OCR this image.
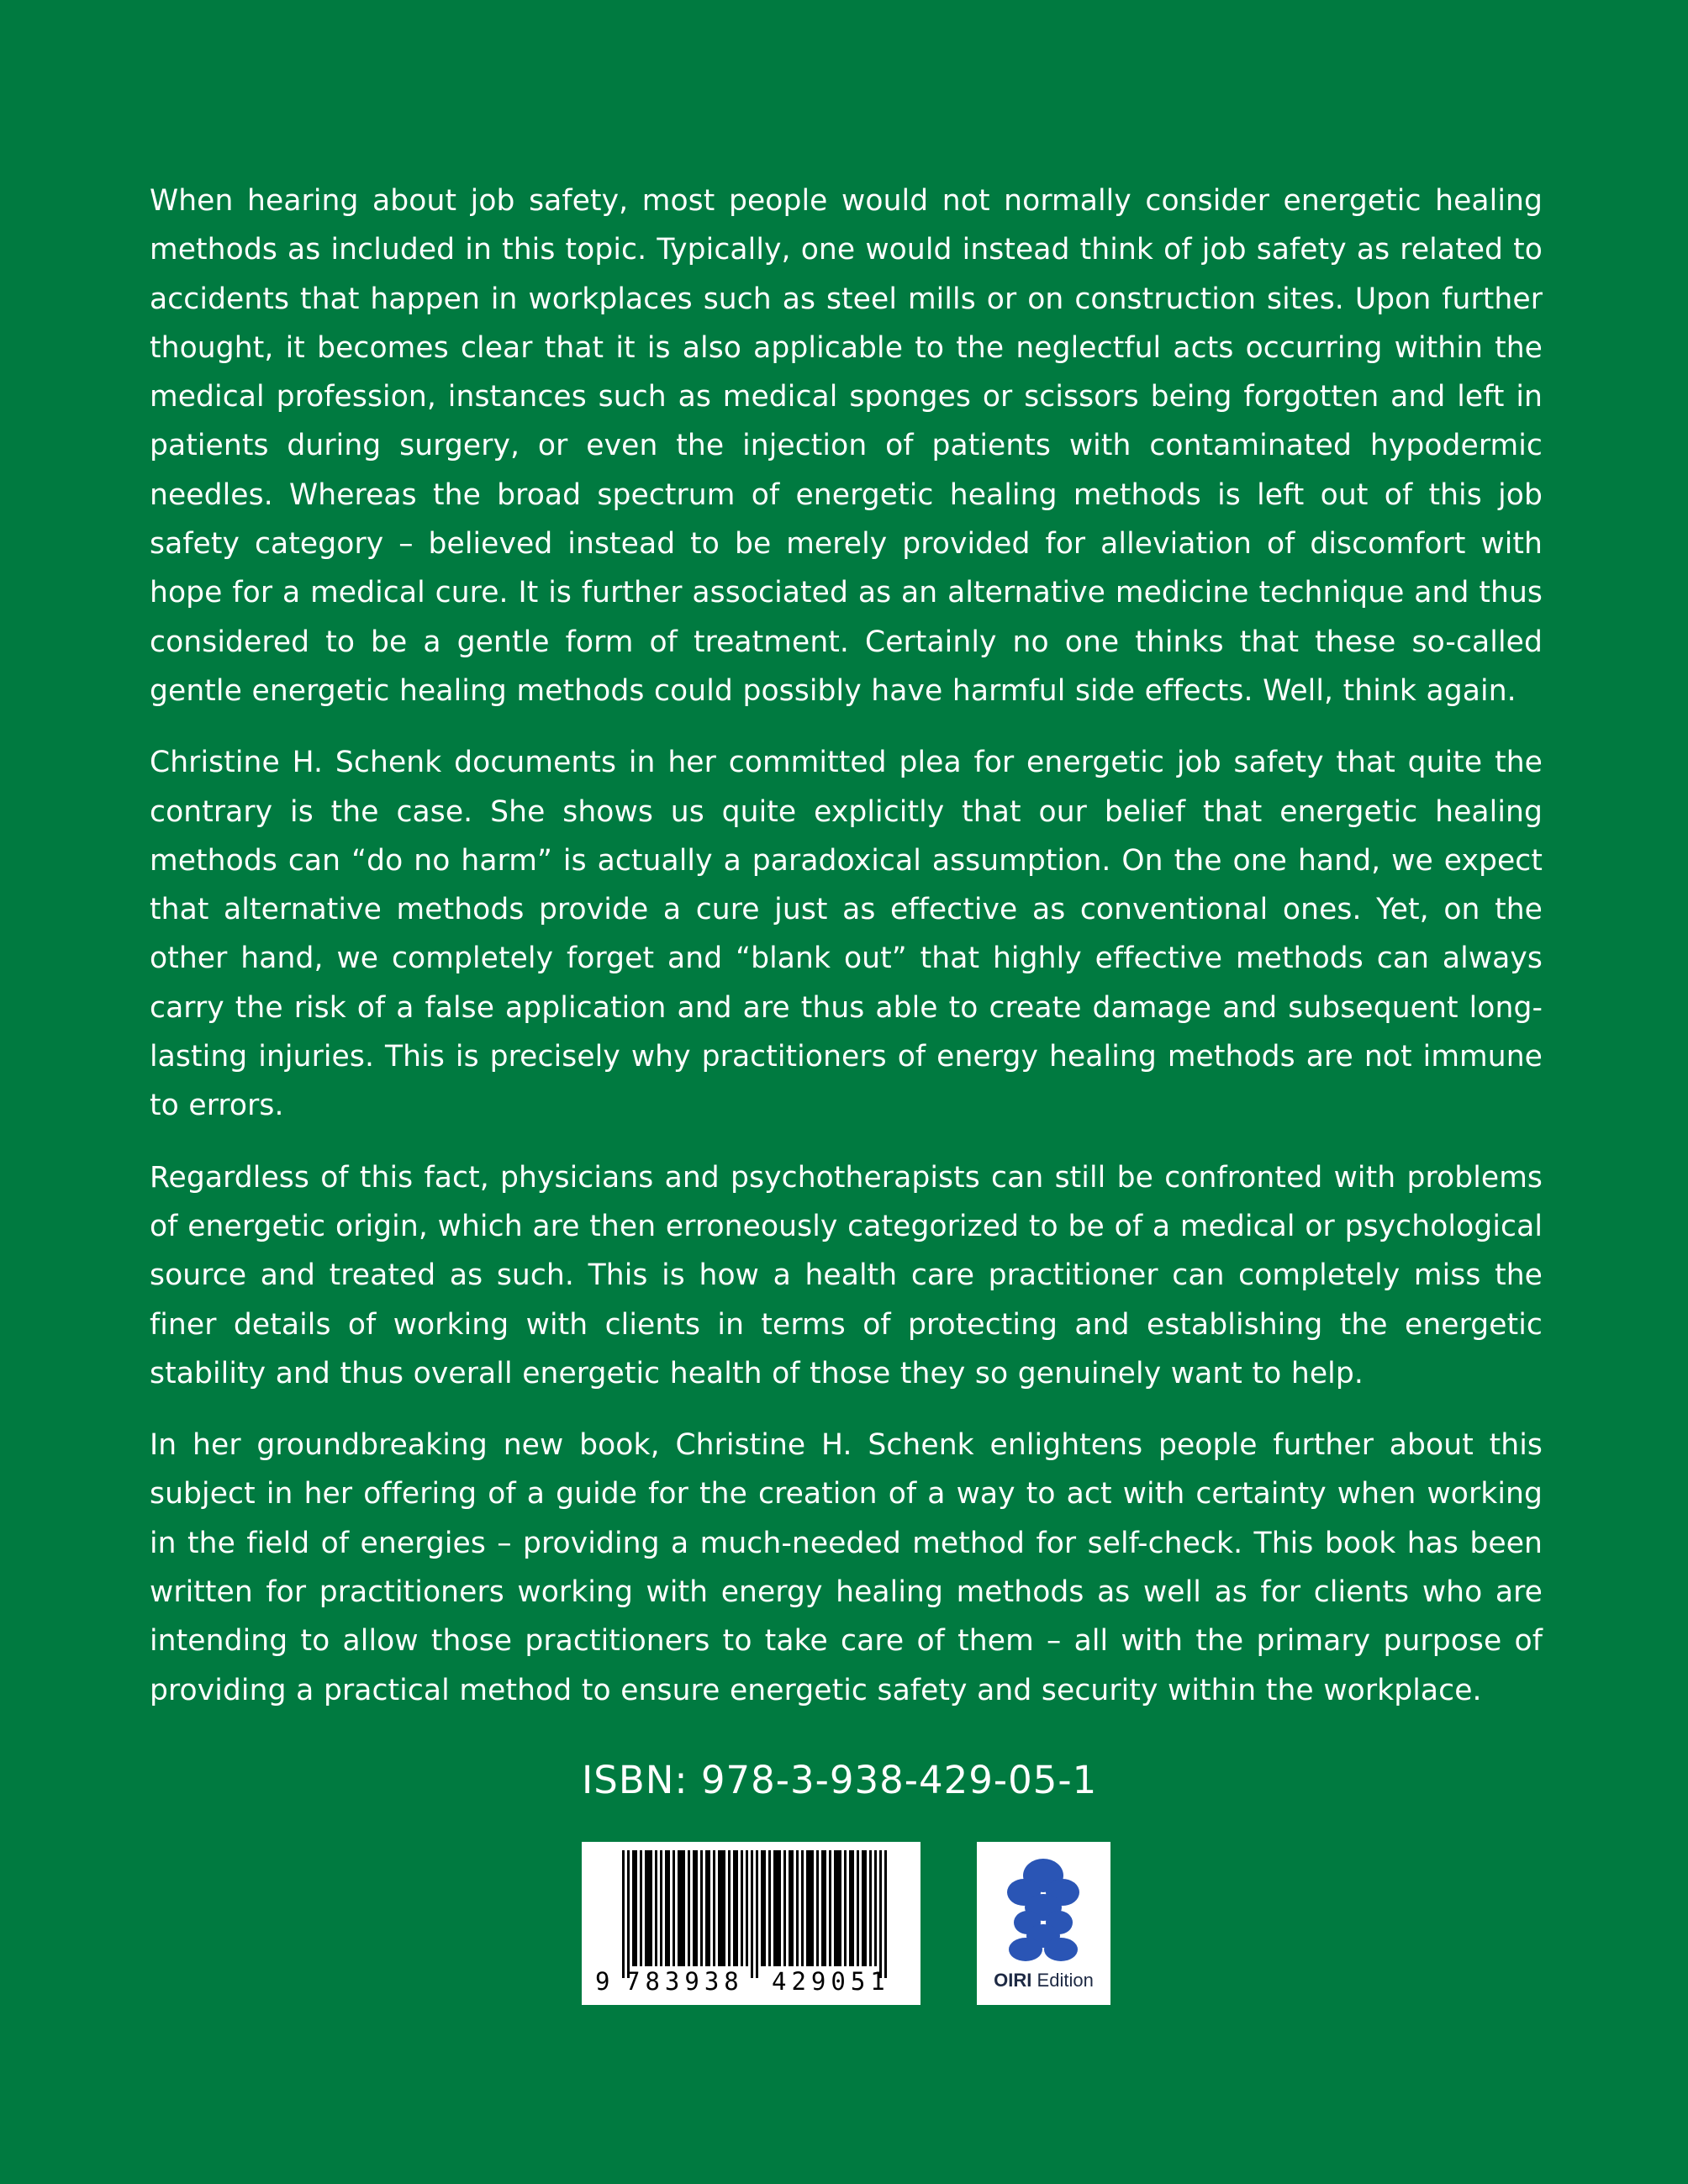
When hearing about job safety, most people would not normally consider energetic healing methods as included in this topic. Typically, one would instead think of job safety as related to accidents that happen in workplaces such as steel mills or on construction sites. Upon further thought, it becomes clear that it is also applicable to the neglectful acts occurring within the medical profession, instances such as medical sponges or scissors being forgotten and left in patients during surgery, or even the injection of patients with contaminated hypodermic needles. Whereas the broad spectrum of energetic healing methods is left out of this job safety category – believed instead to be merely provided for alleviation of discomfort with hope for a medical cure. It is further associated as an alternative medicine technique and thus considered to be a gentle form of treatment. Certainly no one thinks that these so-called gentle energetic healing methods could possibly have harmful side effects. Well, think again.

Christine H. Schenk documents in her committed plea for energetic job safety that quite the contrary is the case. She shows us quite explicitly that our belief that energetic healing methods can “do no harm” is actually a paradoxical assumption. On the one hand, we expect that alternative methods provide a cure just as effective as conventional ones. Yet, on the other hand, we completely forget and “blank out” that highly effective methods can always carry the risk of a false application and are thus able to create damage and subsequent long-lasting injuries. This is precisely why practitioners of energy healing methods are not immune to errors.

Regardless of this fact, physicians and psychotherapists can still be confronted with problems of energetic origin, which are then erroneously categorized to be of a medical or psychological source and treated as such. This is how a health care practitioner can completely miss the finer details of working with clients in terms of protecting and establishing the energetic stability and thus overall energetic health of those they so genuinely want to help.

In her groundbreaking new book, Christine H. Schenk enlightens people further about this subject in her offering of a guide for the creation of a way to act with certainty when working in the field of energies – providing a much-needed method for self-check. This book has been written for practitioners working with energy healing methods as well as for clients who are intending to allow those practitioners to take care of them – all with the primary purpose of providing a practical method to ensure energetic safety and security within the workplace.

ISBN: 978-3-938-429-05-1
9 783938 429051	OIRI Edition
